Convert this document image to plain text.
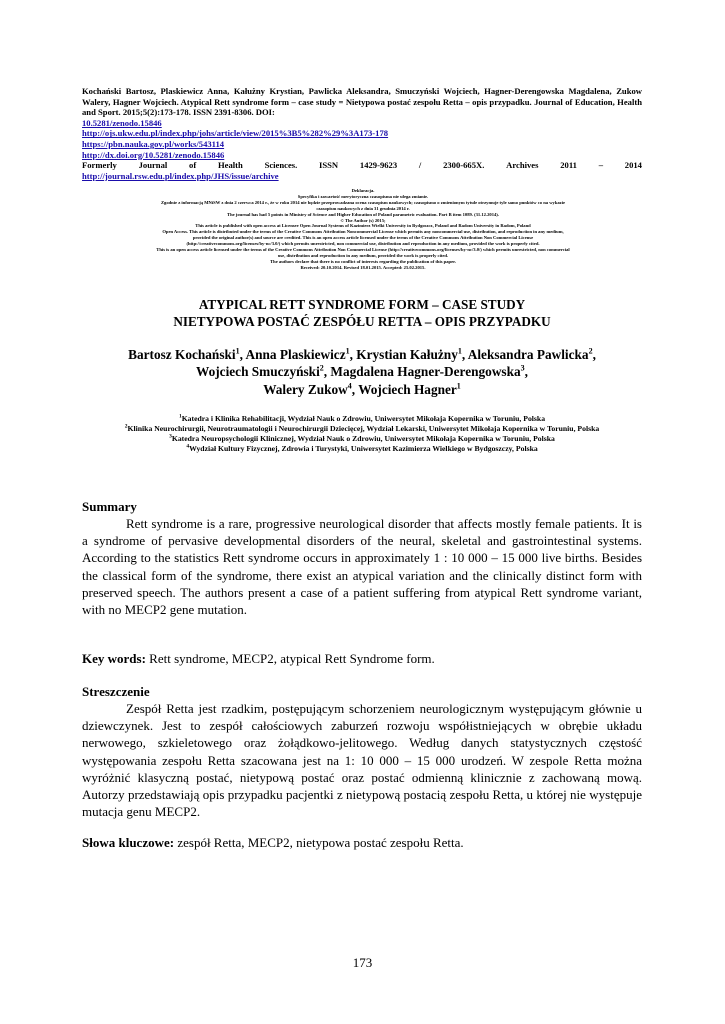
Kochański Bartosz, Plaskiewicz Anna, Kałużny Krystian, Pawlicka Aleksandra, Smuczyński Wojciech, Hagner-Derengowska Magdalena, Zukow Walery, Hagner Wojciech. Atypical Rett syndrome form – case study = Nietypowa postać zespołu Retta – opis przypadku. Journal of Education, Health and Sport. 2015;5(2):173-178. ISSN 2391-8306. DOI:
10.5281/zenodo.15846
http://ojs.ukw.edu.pl/index.php/johs/article/view/2015%3B5%282%29%3A173-178
https://pbn.nauka.gov.pl/works/543114
http://dx.doi.org/10.5281/zenodo.15846
Formerly	Journal	of	Health	Sciences.	ISSN	1429-9623	/	2300-665X.	Archives	2011	–	2014
http://journal.rsw.edu.pl/index.php/JHS/issue/archive
Deklaracja.
Specyfika i zawartość merytoryczna czasopisma nie ulega zmianie.
Zgodnie z informacją MNiSW z dnia 2 czerwca 2014 r., że w roku 2014 nie będzie przeprowadzana ocena czasopism naukowych; czasopismo o zmienionym tytule otrzymuje tyle samo punktów co na wykazie
czasopism naukowych z dnia 31 grudnia 2014 r.
The journal has had 5 points in Ministry of Science and Higher Education of Poland parametric evaluation. Part B item 1089. (31.12.2014).
© The Author (s) 2015;
This article is published with open access at Licensee Open Journal Systems of Kazimierz Wielki University in Bydgoszcz, Poland and Radom University in Radom, Poland
Open Access. This article is distributed under the terms of the Creative Commons Attribution Noncommercial License which permits any noncommercial use, distribution, and reproduction in any medium,
provided the original author(s) and source are credited. This is an open access article licensed under the terms of the Creative Commons Attribution Non Commercial License
(http://creativecommons.org/licenses/by-nc/3.0/) which permits unrestricted, non commercial use, distribution and reproduction in any medium, provided the work is properly cited.
This is an open access article licensed under the terms of the Creative Commons Attribution Non Commercial License (http://creativecommons.org/licenses/by-nc/3.0/) which permits unrestricted, non commercial
use, distribution and reproduction in any medium, provided the work is properly cited.
The authors declare that there is no conflict of interests regarding the publication of this paper.
Received: 20.10.2014. Revised 18.01.2015. Accepted: 25.02.2015.
ATYPICAL RETT SYNDROME FORM – CASE STUDY
NIETYPOWA POSTAĆ ZESPÓŁU RETTA – OPIS PRZYPADKU
Bartosz Kochański$^1$, Anna Plaskiewicz$^1$, Krystian Kałużny$^1$, Aleksandra Pawlicka$^2$,
Wojciech Smuczyński$^2$, Magdalena Hagner-Derengowska$^3$,
Walery Zukow$^4$, Wojciech Hagner$^1$
$^1$Katedra i Klinika Rehabilitacji, Wydział Nauk o Zdrowiu, Uniwersytet Mikołaja Kopernika w Toruniu, Polska
$^2$Klinika Neurochirurgii, Neurotraumatologii i Neurochirurgii Dziecięcej, Wydział Lekarski, Uniwersytet Mikołaja Kopernika w Toruniu, Polska
$^3$Katedra Neuropsychologii Klinicznej, Wydział Nauk o Zdrowiu, Uniwersytet Mikołaja Kopernika w Toruniu, Polska
$^4$Wydział Kultury Fizycznej, Zdrowia i Turystyki, Uniwersytet Kazimierza Wielkiego w Bydgoszczy, Polska
Summary
Rett syndrome is a rare, progressive neurological disorder that affects mostly female patients. It is a syndrome of pervasive developmental disorders of the neural, skeletal and gastrointestinal systems. According to the statistics Rett syndrome occurs in approximately 1 : 10 000 – 15 000 live births. Besides the classical form of the syndrome, there exist an atypical variation and the clinically distinct form with preserved speech. The authors present a case of a patient suffering from atypical Rett syndrome variant, with no MECP2 gene mutation.
Key words: Rett syndrome, MECP2, atypical Rett Syndrome form.
Streszczenie
Zespół Retta jest rzadkim, postępującym schorzeniem neurologicznym występującym głównie u dziewczynek. Jest to zespół całościowych zaburzeń rozwoju współistniejących w obrębie układu nerwowego, szkieletowego oraz żołądkowo-jelitowego. Według danych statystycznych częstość występowania zespołu Retta szacowana jest na 1: 10 000 – 15 000 urodzeń. W zespole Retta można wyróżnić klasyczną postać, nietypową postać oraz postać odmienną klinicznie z zachowaną mową. Autorzy przedstawiają opis przypadku pacjentki z nietypową postacią zespołu Retta, u której nie występuje mutacja genu MECP2.
Słowa kluczowe: zespół Retta, MECP2, nietypowa postać zespołu Retta.
173
